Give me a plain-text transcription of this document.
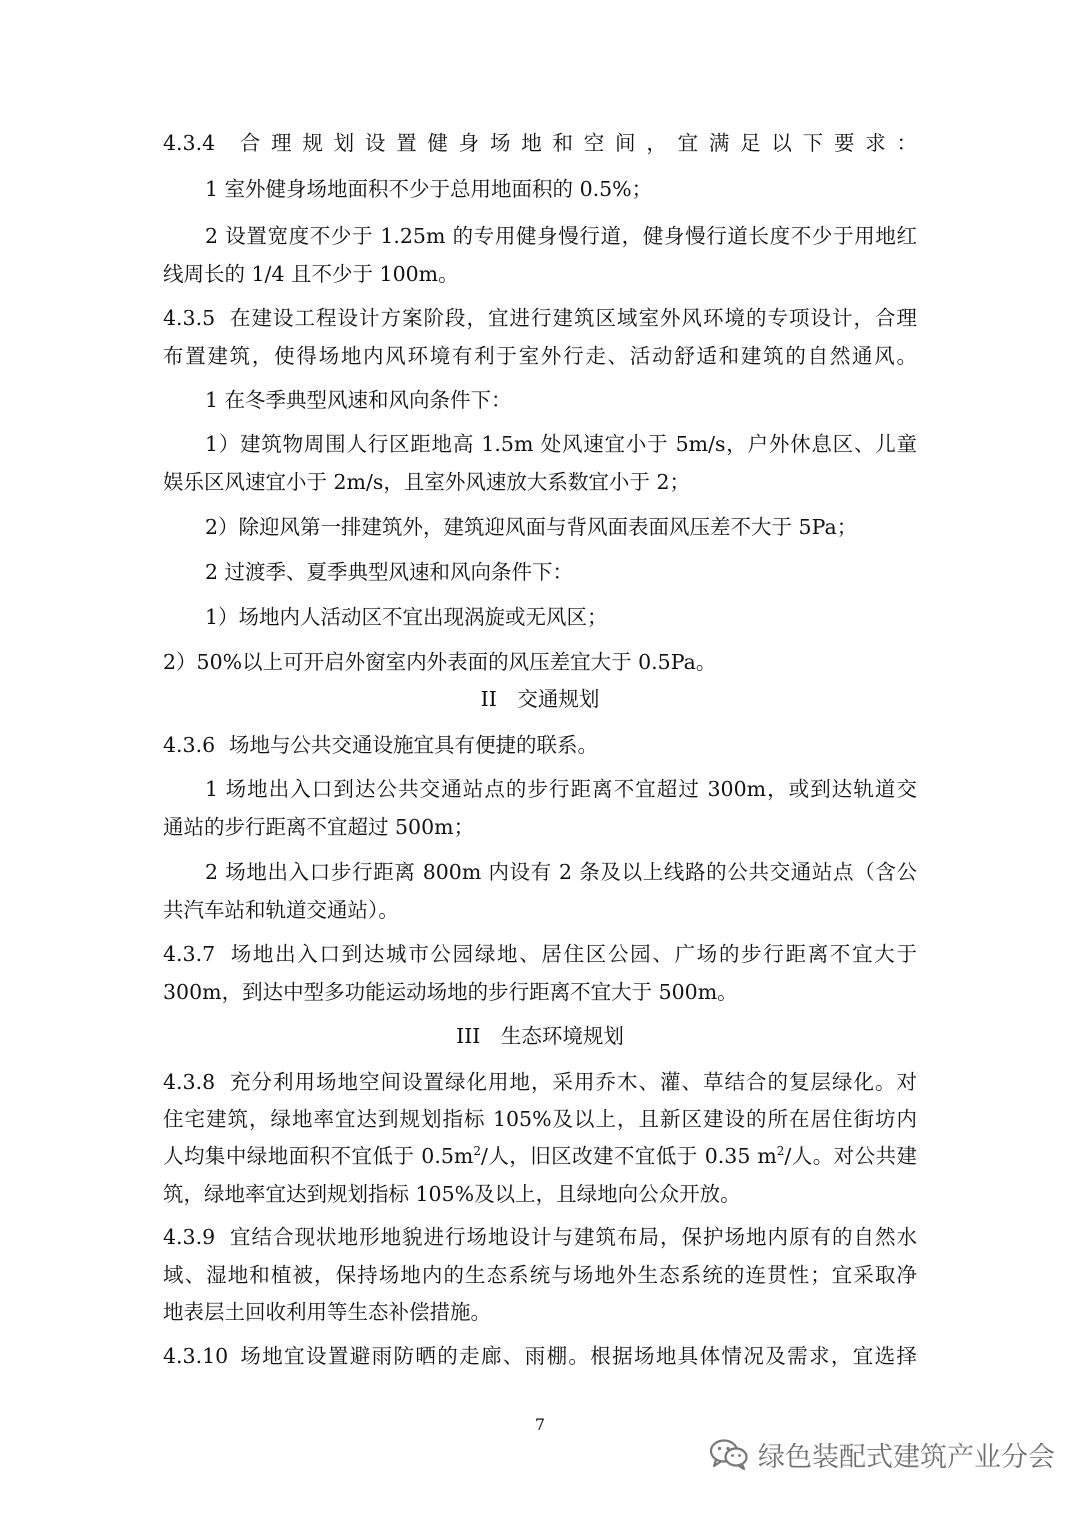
4.3.4 合理规划设置健身场地和空间，宜满足以下要求：
1 室外健身场地面积不少于总用地面积的 0.5%；
2 设置宽度不少于 1.25m 的专用健身慢行道，健身慢行道长度不少于用地红
线周长的 1/4 且不少于 100m。
4.3.5 在建设工程设计方案阶段，宜进行建筑区域室外风环境的专项设计，合理
布置建筑，使得场地内风环境有利于室外行走、活动舒适和建筑的自然通风。
1 在冬季典型风速和风向条件下：
1）建筑物周围人行区距地高 1.5m 处风速宜小于 5m/s，户外休息区、儿童
娱乐区风速宜小于 2m/s，且室外风速放大系数宜小于 2；
2）除迎风第一排建筑外，建筑迎风面与背风面表面风压差不大于 5Pa；
2 过渡季、夏季典型风速和风向条件下：
1）场地内人活动区不宜出现涡旋或无风区；
2）50%以上可开启外窗室内外表面的风压差宜大于 0.5Pa。
II　交通规划
4.3.6 场地与公共交通设施宜具有便捷的联系。
1 场地出入口到达公共交通站点的步行距离不宜超过 300m，或到达轨道交
通站的步行距离不宜超过 500m；
2 场地出入口步行距离 800m 内设有 2 条及以上线路的公共交通站点（含公
共汽车站和轨道交通站）。
4.3.7 场地出入口到达城市公园绿地、居住区公园、广场的步行距离不宜大于
300m，到达中型多功能运动场地的步行距离不宜大于 500m。
III　生态环境规划
4.3.8 充分利用场地空间设置绿化用地，采用乔木、灌、草结合的复层绿化。对
住宅建筑，绿地率宜达到规划指标 105%及以上，且新区建设的所在居住街坊内
人均集中绿地面积不宜低于 $0.5m^2/$人，旧区改建不宜低于 0.35 $m^2/$人。对公共建
筑，绿地率宜达到规划指标 105%及以上，且绿地向公众开放。
4.3.9 宜结合现状地形地貌进行场地设计与建筑布局，保护场地内原有的自然水
域、湿地和植被，保持场地内的生态系统与场地外生态系统的连贯性；宜采取净
地表层土回收利用等生态补偿措施。
4.3.10 场地宜设置避雨防晒的走廊、雨棚。根据场地具体情况及需求，宜选择
7
绿色装配式建筑产业分会
